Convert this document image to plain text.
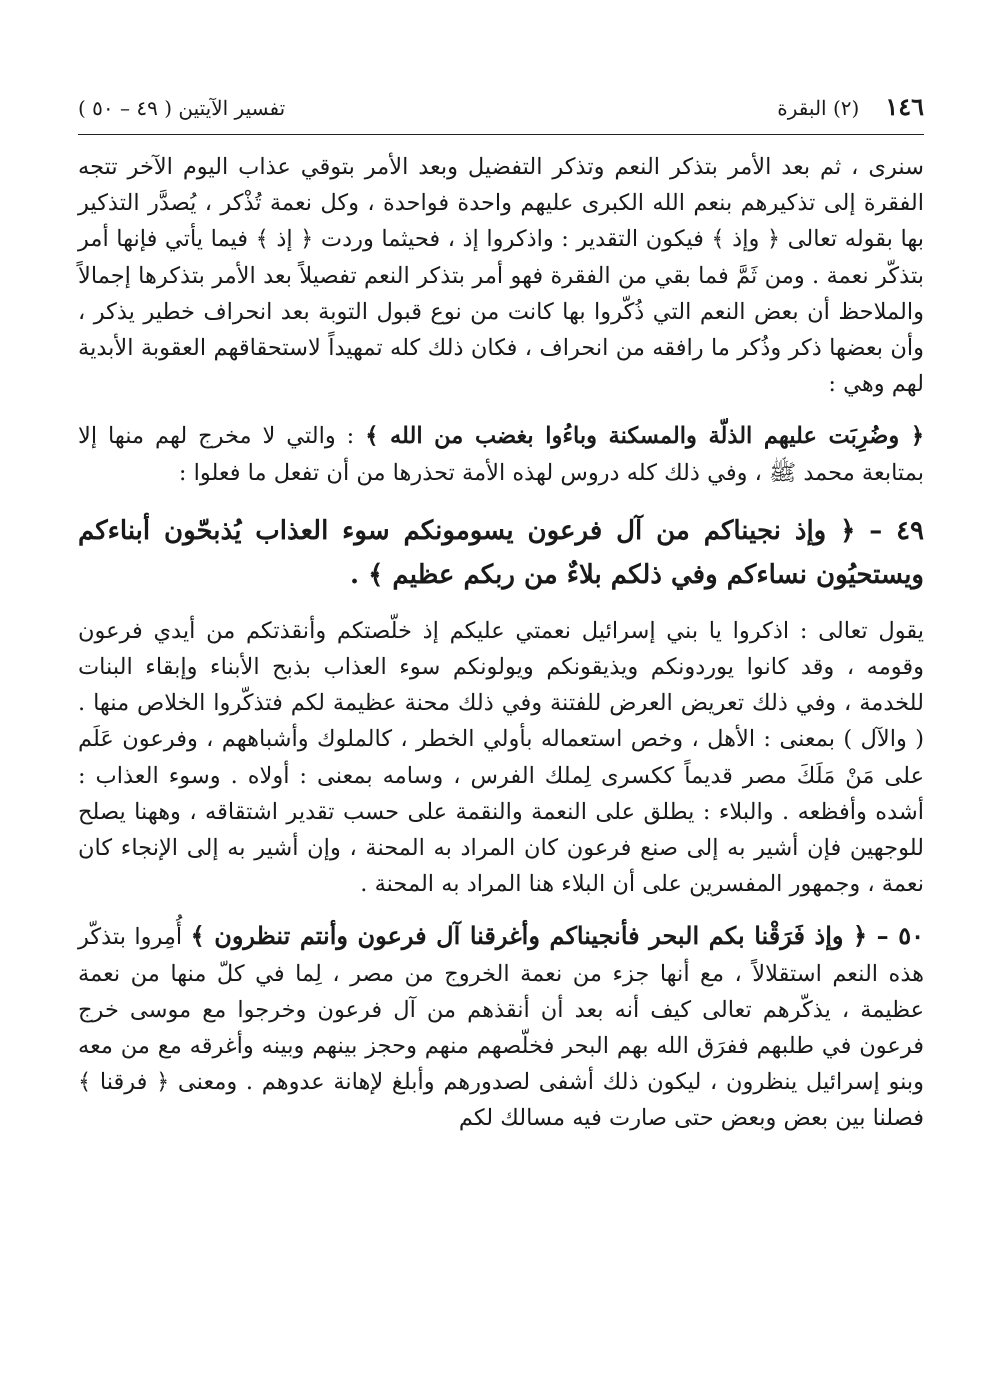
١٤٦
(٢) البقرة
تفسير الآيتين ( ٤٩ – ٥٠ )

سنرى ، ثم بعد الأمر بتذكر النعم وتذكر التفضيل وبعد الأمر بتوقي عذاب اليوم الآخر تتجه الفقرة إلى تذكيرهم بنعم الله الكبرى عليهم واحدة فواحدة ، وكل نعمة تُذْكر ، يُصدَّر التذكير بها بقوله تعالى ﴿ وإذ ﴾ فيكون التقدير : واذكروا إذ ، فحيثما وردت ﴿ إذ ﴾ فيما يأتي فإنها أمر بتذكّر نعمة . ومن ثَمَّ فما بقي من الفقرة فهو أمر بتذكر النعم تفصيلاً بعد الأمر بتذكرها إجمالاً والملاحظ أن بعض النعم التي ذُكّروا بها كانت من نوع قبول التوبة بعد انحراف خطير يذكر ، وأن بعضها ذكر وذُكر ما رافقه من انحراف ، فكان ذلك كله تمهيداً لاستحقاقهم العقوبة الأبدية لهم وهي :

﴿ وضُرِبَت عليهم الذلّة والمسكنة وباءُوا بغضب من الله ﴾ : والتي لا مخرج لهم منها إلا بمتابعة محمد ﷺ ، وفي ذلك كله دروس لهذه الأمة تحذرها من أن تفعل ما فعلوا :

٤٩ – ﴿ وإذ نجيناكم من آل فرعون يسومونكم سوء العذاب يُذبحّون أبناءكم ويستحيُون نساءكم وفي ذلكم بلاءٌ من ربكم عظيم ﴾ .

يقول تعالى : اذكروا يا بني إسرائيل نعمتي عليكم إذ خلّصتكم وأنقذتكم من أيدي فرعون وقومه ، وقد كانوا يوردونكم ويذيقونكم ويولونكم سوء العذاب بذبح الأبناء وإبقاء البنات للخدمة ، وفي ذلك تعريض العرض للفتنة وفي ذلك محنة عظيمة لكم فتذكّروا الخلاص منها . ( والآل ) بمعنى : الأهل ، وخص استعماله بأولي الخطر ، كالملوك وأشباههم ، وفرعون عَلَم على مَنْ مَلَكَ مصر قديماً ككسرى لِملك الفرس ، وسامه بمعنى : أولاه . وسوء العذاب : أشده وأفظعه . والبلاء : يطلق على النعمة والنقمة على حسب تقدير اشتقاقه ، وههنا يصلح للوجهين فإن أشير به إلى صنع فرعون كان المراد به المحنة ، وإن أشير به إلى الإنجاء كان نعمة ، وجمهور المفسرين على أن البلاء هنا المراد به المحنة .

٥٠ – ﴿ وإذ فَرَقْنا بكم البحر فأنجيناكم وأغرقنا آل فرعون وأنتم تنظرون ﴾ أُمِروا بتذكّر هذه النعم استقلالاً ، مع أنها جزء من نعمة الخروج من مصر ، لِما في كلّ منها من نعمة عظيمة ، يذكّرهم تعالى كيف أنه بعد أن أنقذهم من آل فرعون وخرجوا مع موسى خرج فرعون في طلبهم ففرَق الله بهم البحر فخلّصهم منهم وحجز بينهم وبينه وأغرقه مع من معه وبنو إسرائيل ينظرون ، ليكون ذلك أشفى لصدورهم وأبلغ لإهانة عدوهم . ومعنى ﴿ فرقنا ﴾ فصلنا بين بعض وبعض حتى صارت فيه مسالك لكم
